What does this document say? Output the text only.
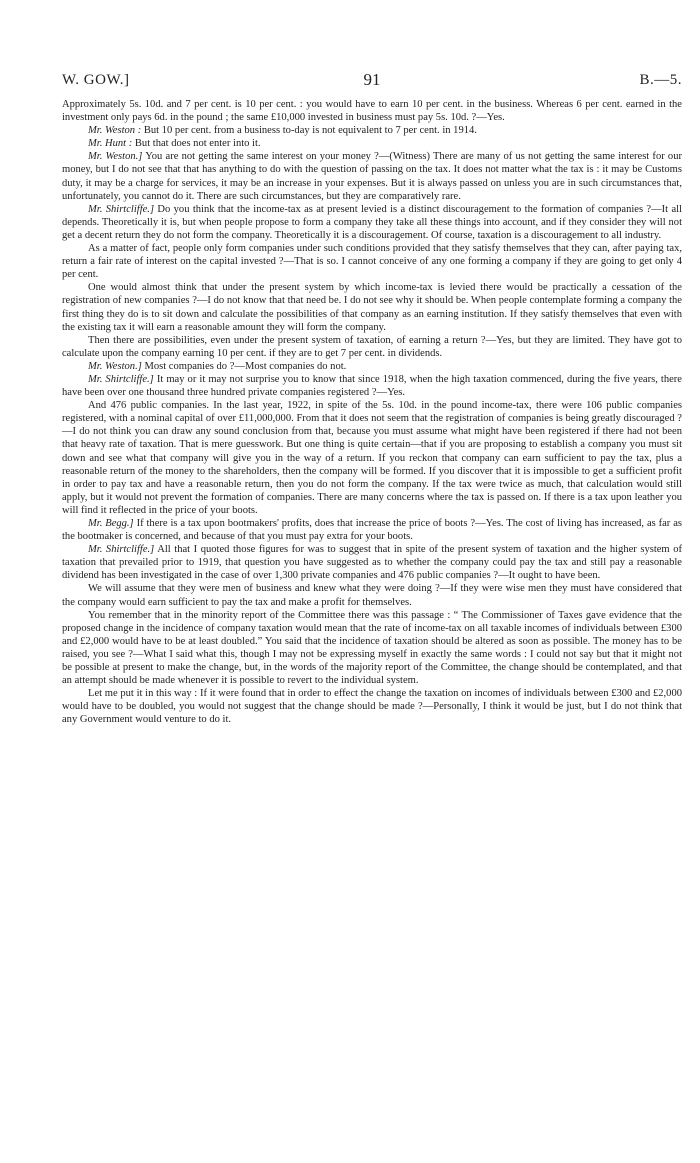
W. GOW.]	91	B.—5.

Approximately 5s. 10d. and 7 per cent. is 10 per cent. : you would have to earn 10 per cent. in the business. Whereas 6 per cent. earned in the investment only pays 6d. in the pound ; the same £10,000 invested in business must pay 5s. 10d. ?—Yes.

Mr. Weston : But 10 per cent. from a business to-day is not equivalent to 7 per cent. in 1914.

Mr. Hunt : But that does not enter into it.

Mr. Weston.] You are not getting the same interest on your money ?—(Witness) There are many of us not getting the same interest for our money, but I do not see that that has anything to do with the question of passing on the tax. It does not matter what the tax is : it may be Customs duty, it may be a charge for services, it may be an increase in your expenses. But it is always passed on unless you are in such circumstances that, unfortunately, you cannot do it. There are such circumstances, but they are comparatively rare.

Mr. Shirtcliffe.] Do you think that the income-tax as at present levied is a distinct discouragement to the formation of companies ?—It all depends. Theoretically it is, but when people propose to form a company they take all these things into account, and if they consider they will not get a decent return they do not form the company. Theoretically it is a discouragement. Of course, taxation is a discouragement to all industry.

As a matter of fact, people only form companies under such conditions provided that they satisfy themselves that they can, after paying tax, return a fair rate of interest on the capital invested ?—That is so. I cannot conceive of any one forming a company if they are going to get only 4 per cent.

One would almost think that under the present system by which income-tax is levied there would be practically a cessation of the registration of new companies ?—I do not know that that need be. I do not see why it should be. When people contemplate forming a company the first thing they do is to sit down and calculate the possibilities of that company as an earning institution. If they satisfy themselves that even with the existing tax it will earn a reasonable amount they will form the company.

Then there are possibilities, even under the present system of taxation, of earning a return ?—Yes, but they are limited. They have got to calculate upon the company earning 10 per cent. if they are to get 7 per cent. in dividends.

Mr. Weston.] Most companies do ?—Most companies do not.

Mr. Shirtcliffe.] It may or it may not surprise you to know that since 1918, when the high taxation commenced, during the five years, there have been over one thousand three hundred private companies registered ?—Yes.

And 476 public companies. In the last year, 1922, in spite of the 5s. 10d. in the pound income-tax, there were 106 public companies registered, with a nominal capital of over £11,000,000. From that it does not seem that the registration of companies is being greatly discouraged ?—I do not think you can draw any sound conclusion from that, because you must assume what might have been registered if there had not been that heavy rate of taxation. That is mere guesswork. But one thing is quite certain—that if you are proposing to establish a company you must sit down and see what that company will give you in the way of a return. If you reckon that company can earn sufficient to pay the tax, plus a reasonable return of the money to the shareholders, then the company will be formed. If you discover that it is impossible to get a sufficient profit in order to pay tax and have a reasonable return, then you do not form the company. If the tax were twice as much, that calculation would still apply, but it would not prevent the formation of companies. There are many concerns where the tax is passed on. If there is a tax upon leather you will find it reflected in the price of your boots.

Mr. Begg.] If there is a tax upon bootmakers' profits, does that increase the price of boots ?—Yes. The cost of living has increased, as far as the bootmaker is concerned, and because of that you must pay extra for your boots.

Mr. Shirtcliffe.] All that I quoted those figures for was to suggest that in spite of the present system of taxation and the higher system of taxation that prevailed prior to 1919, that question you have suggested as to whether the company could pay the tax and still pay a reasonable dividend has been investigated in the case of over 1,300 private companies and 476 public companies ?—It ought to have been.

We will assume that they were men of business and knew what they were doing ?—If they were wise men they must have considered that the company would earn sufficient to pay the tax and make a profit for themselves.

You remember that in the minority report of the Committee there was this passage : “ The Commissioner of Taxes gave evidence that the proposed change in the incidence of company taxation would mean that the rate of income-tax on all taxable incomes of individuals between £300 and £2,000 would have to be at least doubled.” You said that the incidence of taxation should be altered as soon as possible. The money has to be raised, you see ?—What I said what this, though I may not be expressing myself in exactly the same words : I could not say but that it might not be possible at present to make the change, but, in the words of the majority report of the Committee, the change should be contemplated, and that an attempt should be made whenever it is possible to revert to the individual system.

Let me put it in this way : If it were found that in order to effect the change the taxation on incomes of individuals between £300 and £2,000 would have to be doubled, you would not suggest that the change should be made ?—Personally, I think it would be just, but I do not think that any Government would venture to do it.
